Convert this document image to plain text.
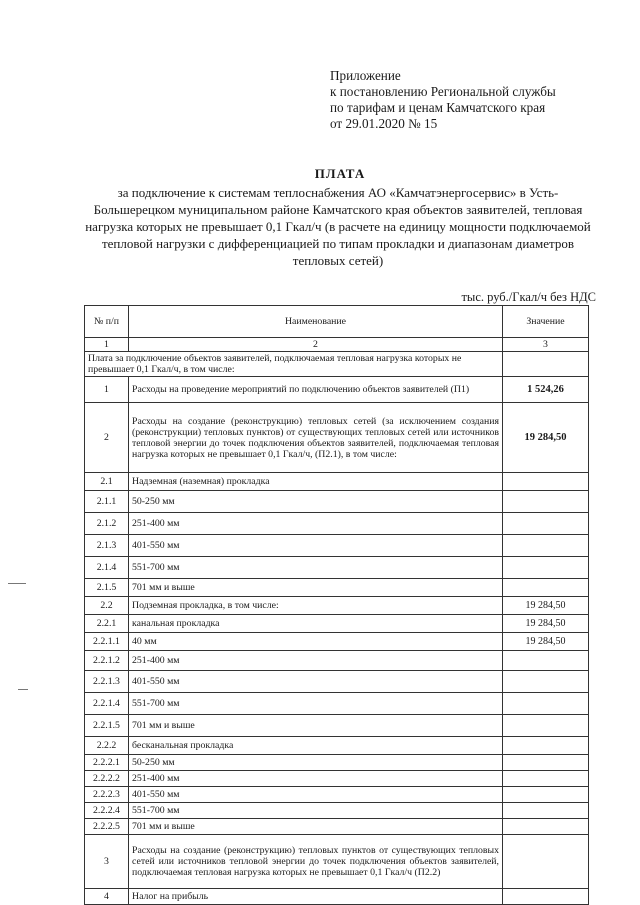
Приложение
к постановлению Региональной службы
по тарифам и ценам Камчатского края
от 29.01.2020 № 15
ПЛАТА
за подключение к системам теплоснабжения АО «Камчатэнергосервис» в Усть-Большерецком муниципальном районе Камчатского края объектов заявителей, тепловая нагрузка которых не превышает 0,1 Гкал/ч (в расчете на единицу мощности подключаемой тепловой нагрузки с дифференциацией по типам прокладки и диапазонам диаметров тепловых сетей)
тыс. руб./Гкал/ч без НДС
№ п/п	Наименование	Значение
1	2	3
Плата за подключение объектов заявителей, подключаемая тепловая нагрузка которых не превышает 0,1 Гкал/ч, в том числе:		
1	Расходы на проведение мероприятий по подключению объектов заявителей (П1)	1 524,26
2	Расходы на создание (реконструкцию) тепловых сетей (за исключением создания (реконструкции) тепловых пунктов) от существующих тепловых сетей или источников тепловой энергии до точек подключения объектов заявителей, подключаемая тепловая нагрузка которых не превышает 0,1 Гкал/ч, (П2.1), в том числе:	19 284,50
2.1	Надземная (наземная) прокладка	
2.1.1	50-250 мм	
2.1.2	251-400 мм	
2.1.3	401-550 мм	
2.1.4	551-700 мм	
2.1.5	701 мм и выше	
2.2	Подземная прокладка, в том числе:	19 284,50
2.2.1	канальная прокладка	19 284,50
2.2.1.1	40 мм	19 284,50
2.2.1.2	251-400 мм	
2.2.1.3	401-550 мм	
2.2.1.4	551-700 мм	
2.2.1.5	701 мм и выше	
2.2.2	бесканальная прокладка	
2.2.2.1	50-250 мм	
2.2.2.2	251-400 мм	
2.2.2.3	401-550 мм	
2.2.2.4	551-700 мм	
2.2.2.5	701 мм и выше	
3	Расходы на создание (реконструкцию) тепловых пунктов от существующих тепловых сетей или источников тепловой энергии до точек подключения объектов заявителей, подключаемая тепловая нагрузка которых не превышает 0,1 Гкал/ч (П2.2)	
4	Налог на прибыль	
